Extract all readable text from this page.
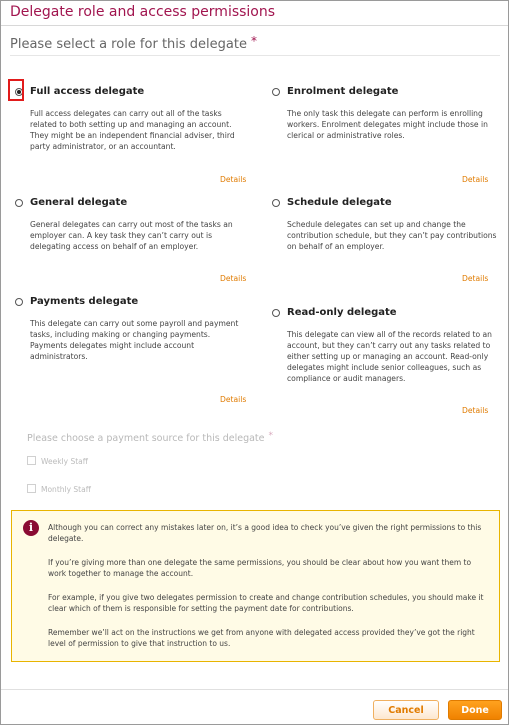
Delegate role and access permissions
Please select a role for this delegate *
Full access delegate
Full access delegates can carry out all of the tasks related to both setting up and managing an account. They might be an independent financial adviser, third party administrator, or an accountant.
Details
Enrolment delegate
The only task this delegate can perform is enrolling workers. Enrolment delegates might include those in clerical or administrative roles.
Details
General delegate
General delegates can carry out most of the tasks an employer can. A key task they can’t carry out is delegating access on behalf of an employer.
Details
Schedule delegate
Schedule delegates can set up and change the contribution schedule, but they can’t pay contributions on behalf of an employer.
Details
Payments delegate
This delegate can carry out some payroll and payment tasks, including making or changing payments. Payments delegates might include account administrators.
Details
Read-only delegate
This delegate can view all of the records related to an account, but they can’t carry out any tasks related to either setting up or managing an account. Read-only delegates might include senior colleagues, such as compliance or audit managers.
Details
Please choose a payment source for this delegate *
Weekly Staff
Monthly Staff
i	Although you can correct any mistakes later on, it’s a good idea to check you’ve given the right permissions to this delegate.

If you’re giving more than one delegate the same permissions, you should be clear about how you want them to work together to manage the account.

For example, if you give two delegates permission to create and change contribution schedules, you should make it clear which of them is responsible for setting the payment date for contributions.

Remember we’ll act on the instructions we get from anyone with delegated access provided they’ve got the right level of permission to give that instruction to us.

Cancel	Done
